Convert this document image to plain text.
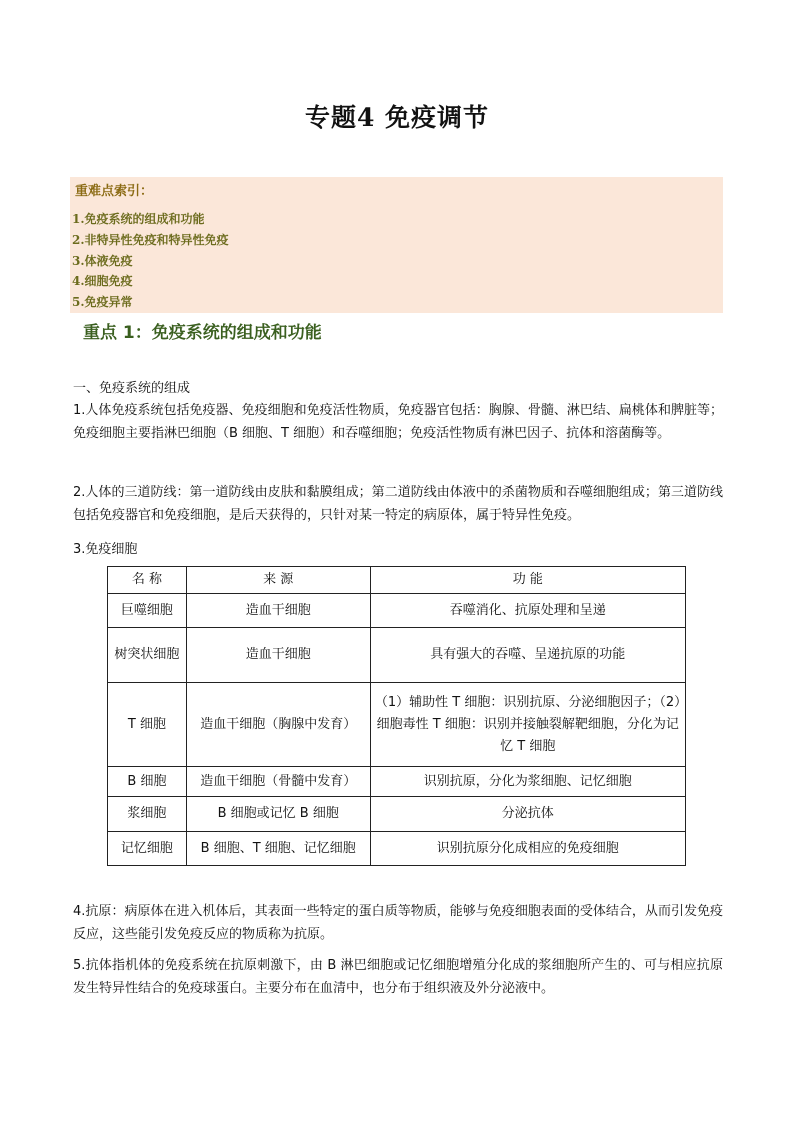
专题4 免疫调节
重难点索引：
1.免疫系统的组成和功能
2.非特异性免疫和特异性免疫
3.体液免疫
4.细胞免疫
5.免疫异常
重点 1：免疫系统的组成和功能
一、免疫系统的组成

1.人体免疫系统包括免疫器、免疫细胞和免疫活性物质，免疫器官包括：胸腺、骨髓、淋巴结、扁桃体和脾脏等；免疫细胞主要指淋巴细胞（B 细胞、T 细胞）和吞噬细胞；免疫活性物质有淋巴因子、抗体和溶菌酶等。

2.人体的三道防线：第一道防线由皮肤和黏膜组成；第二道防线由体液中的杀菌物质和吞噬细胞组成；第三道防线包括免疫器官和免疫细胞，是后天获得的，只针对某一特定的病原体，属于特异性免疫。

3.免疫细胞

名 称	来 源	功 能
巨噬细胞	造血干细胞	吞噬消化、抗原处理和呈递
树突状细胞	造血干细胞	具有强大的吞噬、呈递抗原的功能
T 细胞	造血干细胞（胸腺中发育）	（1）辅助性 T 细胞：识别抗原、分泌细胞因子；（2）细胞毒性 T 细胞：识别并接触裂解靶细胞，分化为记忆 T 细胞
B 细胞	造血干细胞（骨髓中发育）	识别抗原，分化为浆细胞、记忆细胞
浆细胞	B 细胞或记忆 B 细胞	分泌抗体
记忆细胞	B 细胞、T 细胞、记忆细胞	识别抗原分化成相应的免疫细胞

4.抗原：病原体在进入机体后，其表面一些特定的蛋白质等物质，能够与免疫细胞表面的受体结合，从而引发免疫反应，这些能引发免疫反应的物质称为抗原。

5.抗体指机体的免疫系统在抗原刺激下，由 B 淋巴细胞或记忆细胞增殖分化成的浆细胞所产生的、可与相应抗原发生特异性结合的免疫球蛋白。主要分布在血清中，也分布于组织液及外分泌液中。
